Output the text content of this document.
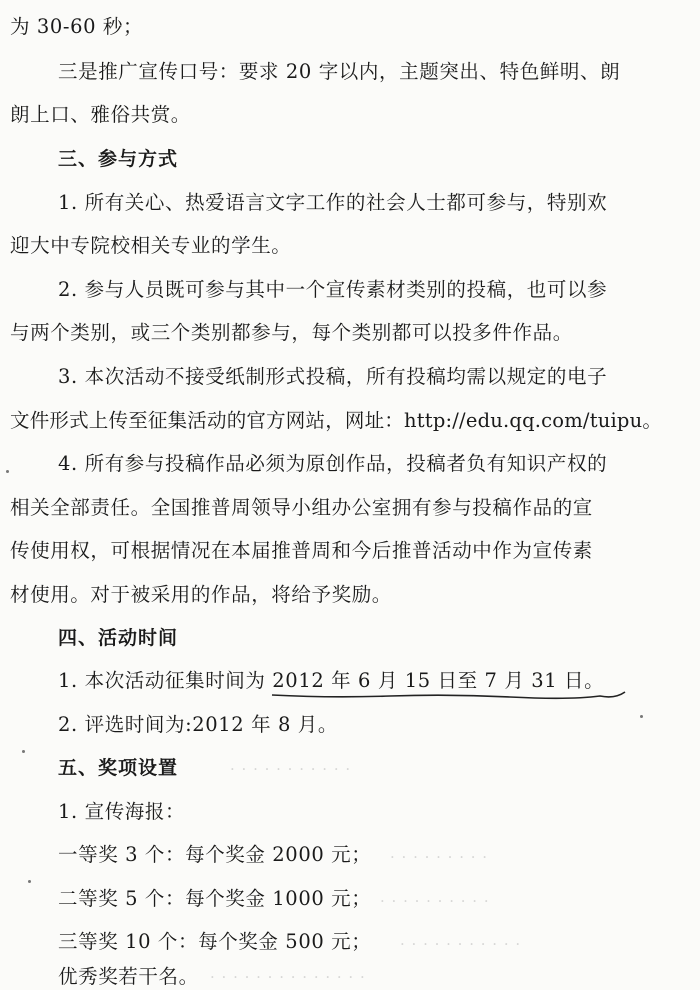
为 30-60 秒；
三是推广宣传口号：要求 20 字以内，主题突出、特色鲜明、朗
朗上口、雅俗共赏。
三、参与方式
1. 所有关心、热爱语言文字工作的社会人士都可参与，特别欢
迎大中专院校相关专业的学生。
2. 参与人员既可参与其中一个宣传素材类别的投稿，也可以参
与两个类别，或三个类别都参与，每个类别都可以投多件作品。
3. 本次活动不接受纸制形式投稿，所有投稿均需以规定的电子
文件形式上传至征集活动的官方网站，网址：http://edu.qq.com/tuipu。
4. 所有参与投稿作品必须为原创作品，投稿者负有知识产权的
相关全部责任。全国推普周领导小组办公室拥有参与投稿作品的宣
传使用权，可根据情况在本届推普周和今后推普活动中作为宣传素
材使用。对于被采用的作品，将给予奖励。
四、活动时间
1. 本次活动征集时间为 2012 年 6 月 15 日至 7 月 31 日。
2. 评选时间为:2012 年 8 月。
五、奖项设置
1. 宣传海报：
一等奖 3 个：每个奖金 2000 元；
二等奖 5 个：每个奖金 1000 元；
三等奖 10 个：每个奖金 500 元；
优秀奖若干名。
· · · · · · · · · · ·
· · · · · · · · ·
· · · · · · · · · ·
· · · · · · · · · · ·
· · · · · · · · · · · · · ·
